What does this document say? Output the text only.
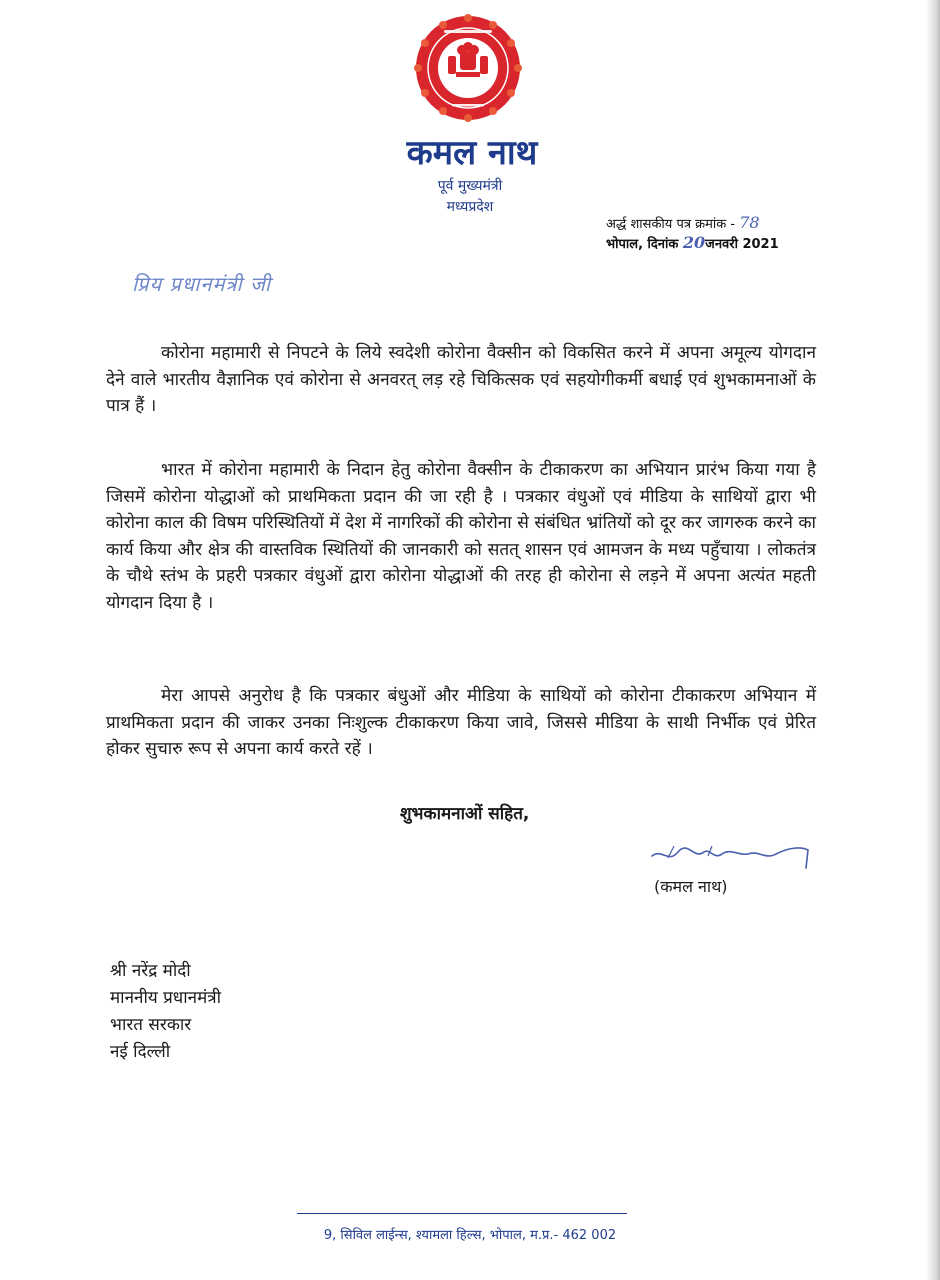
कमल नाथ
पूर्व मुख्यमंत्री
मध्यप्रदेश
अर्द्ध शासकीय पत्र क्रमांक - 78
भोपाल, दिनांक 20जनवरी 2021
प्रिय प्रधानमंत्री जी

कोरोना महामारी से निपटने के लिये स्वदेशी कोरोना वैक्सीन को विकसित करने में अपना अमूल्य योगदान देने वाले भारतीय वैज्ञानिक एवं कोरोना से अनवरत् लड़ रहे चिकित्सक एवं सहयोगीकर्मी बधाई एवं शुभकामनाओं के पात्र हैं ।

भारत में कोरोना महामारी के निदान हेतु कोरोना वैक्सीन के टीकाकरण का अभियान प्रारंभ किया गया है जिसमें कोरोना योद्धाओं को प्राथमिकता प्रदान की जा रही है । पत्रकार वंधुओं एवं मीडिया के साथियों द्वारा भी कोरोना काल की विषम परिस्थितियों में देश में नागरिकों की कोरोना से संबंधित भ्रांतियों को दूर कर जागरुक करने का कार्य किया और क्षेत्र की वास्तविक स्थितियों की जानकारी को सतत् शासन एवं आमजन के मध्य पहुँचाया । लोकतंत्र के चौथे स्तंभ के प्रहरी पत्रकार वंधुओं द्वारा कोरोना योद्धाओं की तरह ही कोरोना से लड़ने में अपना अत्यंत महती योगदान दिया है ।

मेरा आपसे अनुरोध है कि पत्रकार बंधुओं और मीडिया के साथियों को कोरोना टीकाकरण अभियान में प्राथमिकता प्रदान की जाकर उनका निःशुल्क टीकाकरण किया जावे, जिससे मीडिया के साथी निर्भीक एवं प्रेरित होकर सुचारु रूप से अपना कार्य करते रहें ।

शुभकामनाओं सहित,
(कमल नाथ)
श्री नरेंद्र मोदी
माननीय प्रधानमंत्री
भारत सरकार
नई दिल्ली
9, सिविल लाईन्स, श्यामला हिल्स, भोपाल, म.प्र.- 462 002
